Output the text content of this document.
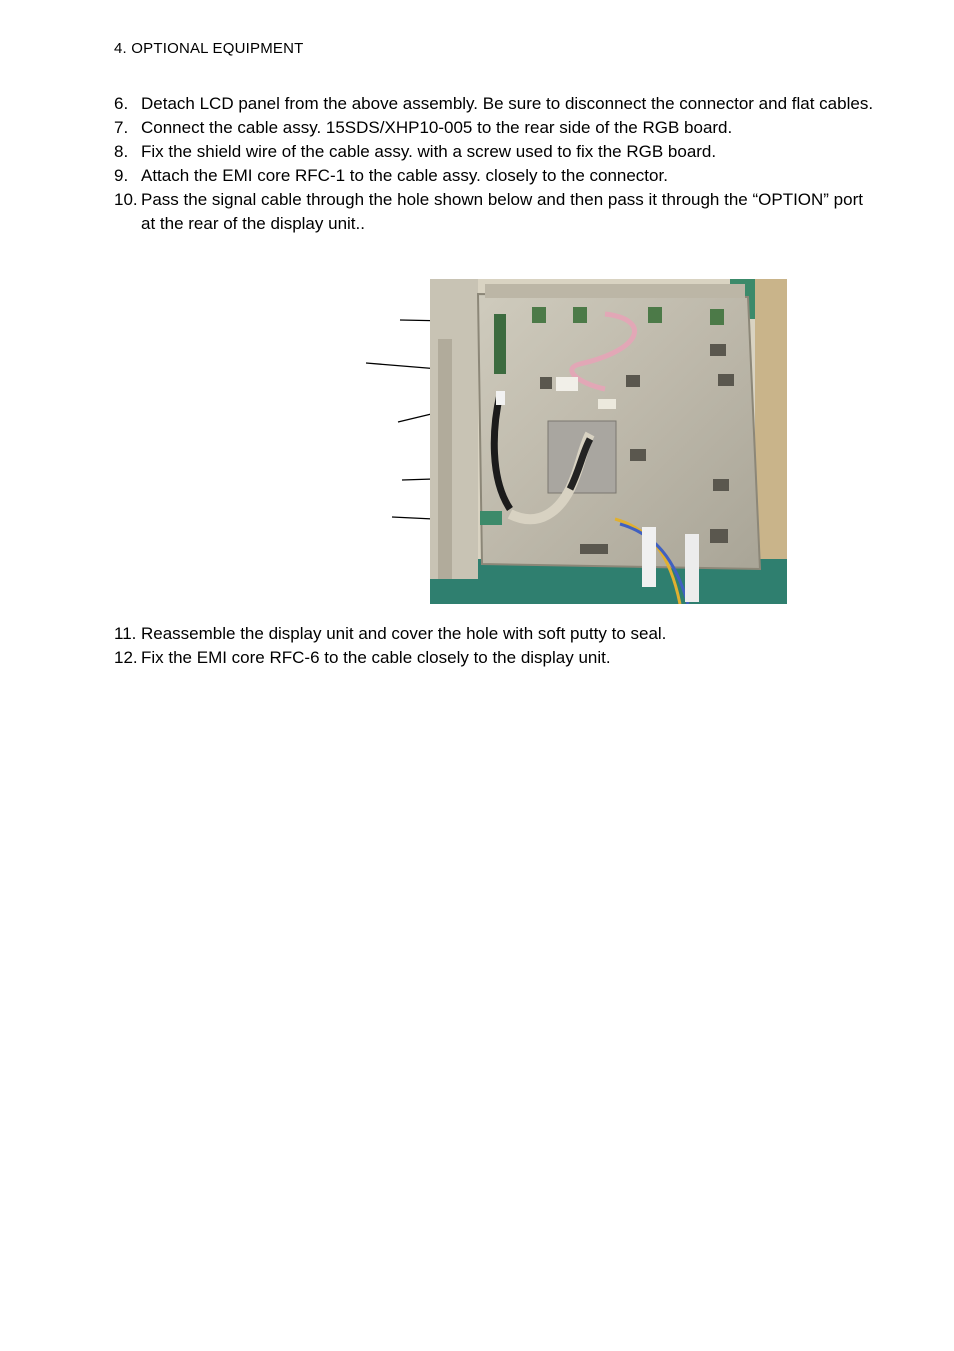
4. OPTIONAL EQUIPMENT
6. Detach LCD panel from the above assembly. Be sure to disconnect the connector and flat cables.
7. Connect the cable assy. 15SDS/XHP10-005 to the rear side of the RGB board.
8. Fix the shield wire of the cable assy. with a screw used to fix the RGB board.
9. Attach the EMI core RFC-1 to the cable assy. closely to the connector.
10. Pass the signal cable through the hole shown below and then pass it through the “OPTION” port at the rear of the display unit..
11. Reassemble the display unit and cover the hole with soft putty to seal.
12. Fix the EMI core RFC-6 to the cable closely to the display unit.
